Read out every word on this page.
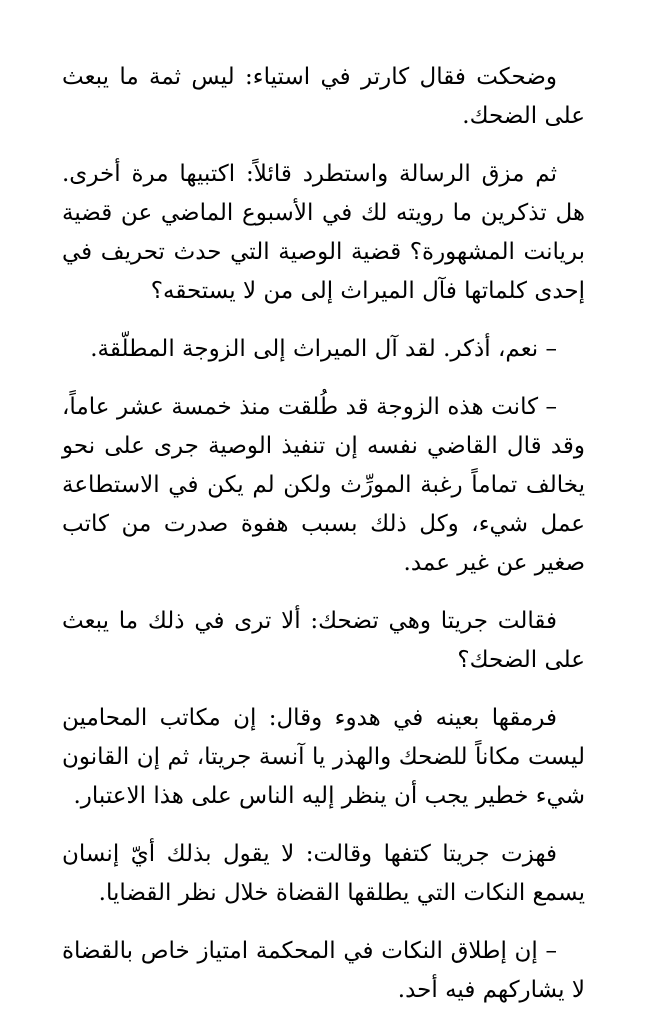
وضحكت فقال كارتر في استياء: ليس ثمة ما يبعث على الضحك.

ثم مزق الرسالة واستطرد قائلاً: اكتبيها مرة أخرى. هل تذكرين ما رويته لك في الأسبوع الماضي عن قضية بريانت المشهورة؟ قضية الوصية التي حدث تحريف في إحدى كلماتها فآل الميراث إلى من لا يستحقه؟

– نعم، أذكر. لقد آل الميراث إلى الزوجة المطلّقة.

– كانت هذه الزوجة قد طُلقت منذ خمسة عشر عاماً، وقد قال القاضي نفسه إن تنفيذ الوصية جرى على نحو يخالف تماماً رغبة المورِّث ولكن لم يكن في الاستطاعة عمل شيء، وكل ذلك بسبب هفوة صدرت من كاتب صغير عن غير عمد.

فقالت جريتا وهي تضحك: ألا ترى في ذلك ما يبعث على الضحك؟

فرمقها بعينه في هدوء وقال: إن مكاتب المحامين ليست مكاناً للضحك والهذر يا آنسة جريتا، ثم إن القانون شيء خطير يجب أن ينظر إليه الناس على هذا الاعتبار.

فهزت جريتا كتفها وقالت: لا يقول بذلك أيّ إنسان يسمع النكات التي يطلقها القضاة خلال نظر القضايا.

– إن إطلاق النكات في المحكمة امتياز خاص بالقضاة لا يشاركهم فيه أحد.
